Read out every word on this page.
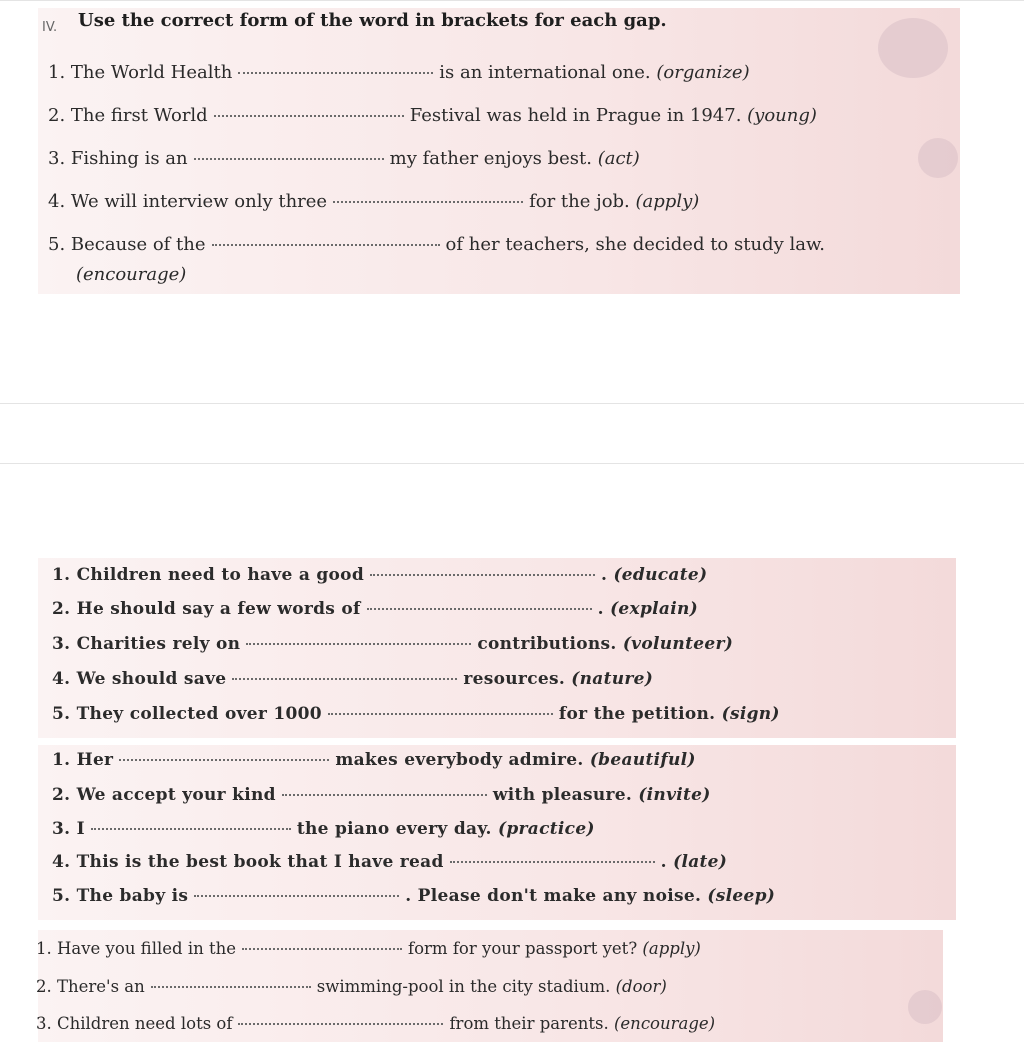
IV. Use the correct form of the word in brackets for each gap.
1. The World Health	is an international one. (organize)
2. The first World	Festival was held in Prague in 1947. (young)
3. Fishing is an	my father enjoys best. (act)
4. We will interview only three	for the job. (apply)
5. Because of the	of her teachers, she decided to study law.
(encourage)
1. Children need to have a good	. (educate)
2. He should say a few words of	. (explain)
3. Charities rely on	contributions. (volunteer)
4. We should save	resources. (nature)
5. They collected over 1000	for the petition. (sign)
1. Her	makes everybody admire. (beautiful)
2. We accept your kind	with pleasure. (invite)
3. I	the piano every day. (practice)
4. This is the best book that I have read	. (late)
5. The baby is	. Please don't make any noise. (sleep)
1. Have you filled in the	form for your passport yet? (apply)
2. There's an	swimming-pool in the city stadium. (door)
3. Children need lots of	from their parents. (encourage)
